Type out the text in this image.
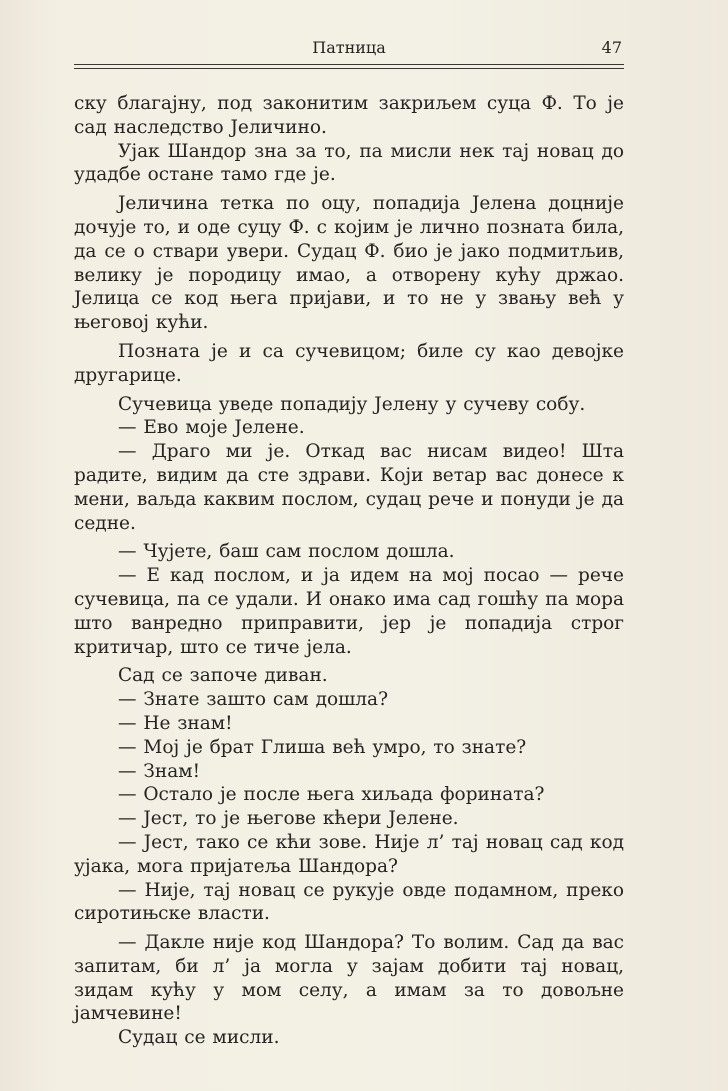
Патница	47

ску благајну, под законитим закриљем суца Ф. То је сад наследство Јеличино.

Ујак Шандор зна за то, па мисли нек тај новац до удадбе остане тамо где је.

Јеличина тетка по оцу, попадија Јелена доцније дочује то, и оде суцу Ф. с којим је лично позната била, да се о ствари увери. Судац Ф. био је јако подмитљив, велику је породицу имао, а отворену кућу држао. Јелица се код њега пријави, и то не у звању већ у његовој кући.

Позната је и са сучевицом; биле су као девојке другарице.

Сучевица уведе попадију Јелену у сучеву собу.

— Ево моје Јелене.

— Драго ми је. Откад вас нисам видео! Шта радите, видим да сте здрави. Који ветар вас донесе к мени, ваљда каквим послом, судац рече и понуди је да седне.

— Чујете, баш сам послом дошла.

— Е кад послом, и ја идем на мој посао — рече сучевица, па се удали. И онако има сад гошћу па мора што ванредно приправити, јер је попадија строг критичар, што се тиче јела.

Сад се започе диван.

— Знате зашто сам дошла?

— Не знам!

— Мој је брат Глиша већ умро, то знате?

— Знам!

— Остало је после њега хиљада форината?

— Јест, то је његове кћери Јелене.

— Јест, тако се кћи зове. Није л’ тај новац сад код ујака, мога пријатеља Шандора?

— Није, тај новац се рукује овде подамном, преко сиротињске власти.

— Дакле није код Шандора? То волим. Сад да вас запитам, би л’ ја могла у зајам добити тај новац, зидам кућу у мом селу, а имам за то довољне јамчевине!

Судац се мисли.
